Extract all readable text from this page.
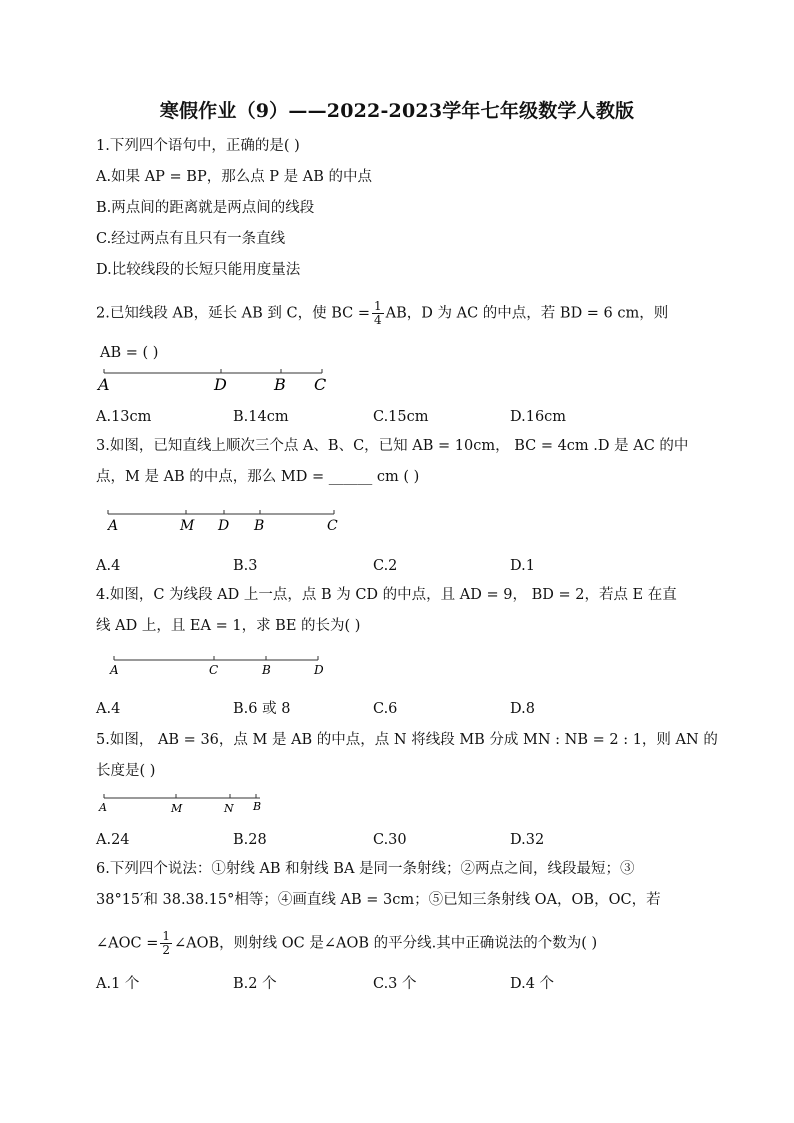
寒假作业（9）——2022-2023学年七年级数学人教版
1.下列四个语句中，正确的是( )
A.如果 AP = BP，那么点 P 是 AB 的中点
B.两点间的距离就是两点间的线段
C.经过两点有且只有一条直线
D.比较线段的长短只能用度量法
2.已知线段 AB，延长 AB 到 C，使 BC = $\frac{1}{4}$ AB，D 为 AC 的中点，若 BD = 6 cm，则
AB = ( )
A	D	B C
A.13cm	B.14cm	C.15cm	D.16cm
3.如图，已知直线上顺次三个点 A、B、C，已知 AB = 10cm， BC = 4cm .D 是 AC 的中
点，M 是 AB 的中点，那么 MD = ______ cm ( )
A	M D B	C
A.4	B.3	C.2	D.1
4.如图，C 为线段 AD 上一点，点 B 为 CD 的中点，且 AD = 9， BD = 2，若点 E 在直
线 AD 上，且 EA = 1，求 BE 的长为( )
A	C	B	D
A.4	B.6 或 8	C.6	D.8
5.如图， AB = 36，点 M 是 AB 的中点，点 N 将线段 MB 分成 MN : NB = 2 : 1，则 AN 的
长度是( )
A	M	N B
A.24	B.28	C.30	D.32
6.下列四个说法：①射线 AB 和射线 BA 是同一条射线；②两点之间，线段最短；③
38°15′和 38.38.15°相等；④画直线 AB = 3cm；⑤已知三条射线 OA，OB，OC，若
∠AOC = $\frac{1}{2}$ ∠AOB，则射线 OC 是∠AOB 的平分线.其中正确说法的个数为( )
A.1 个	B.2 个	C.3 个	D.4 个
